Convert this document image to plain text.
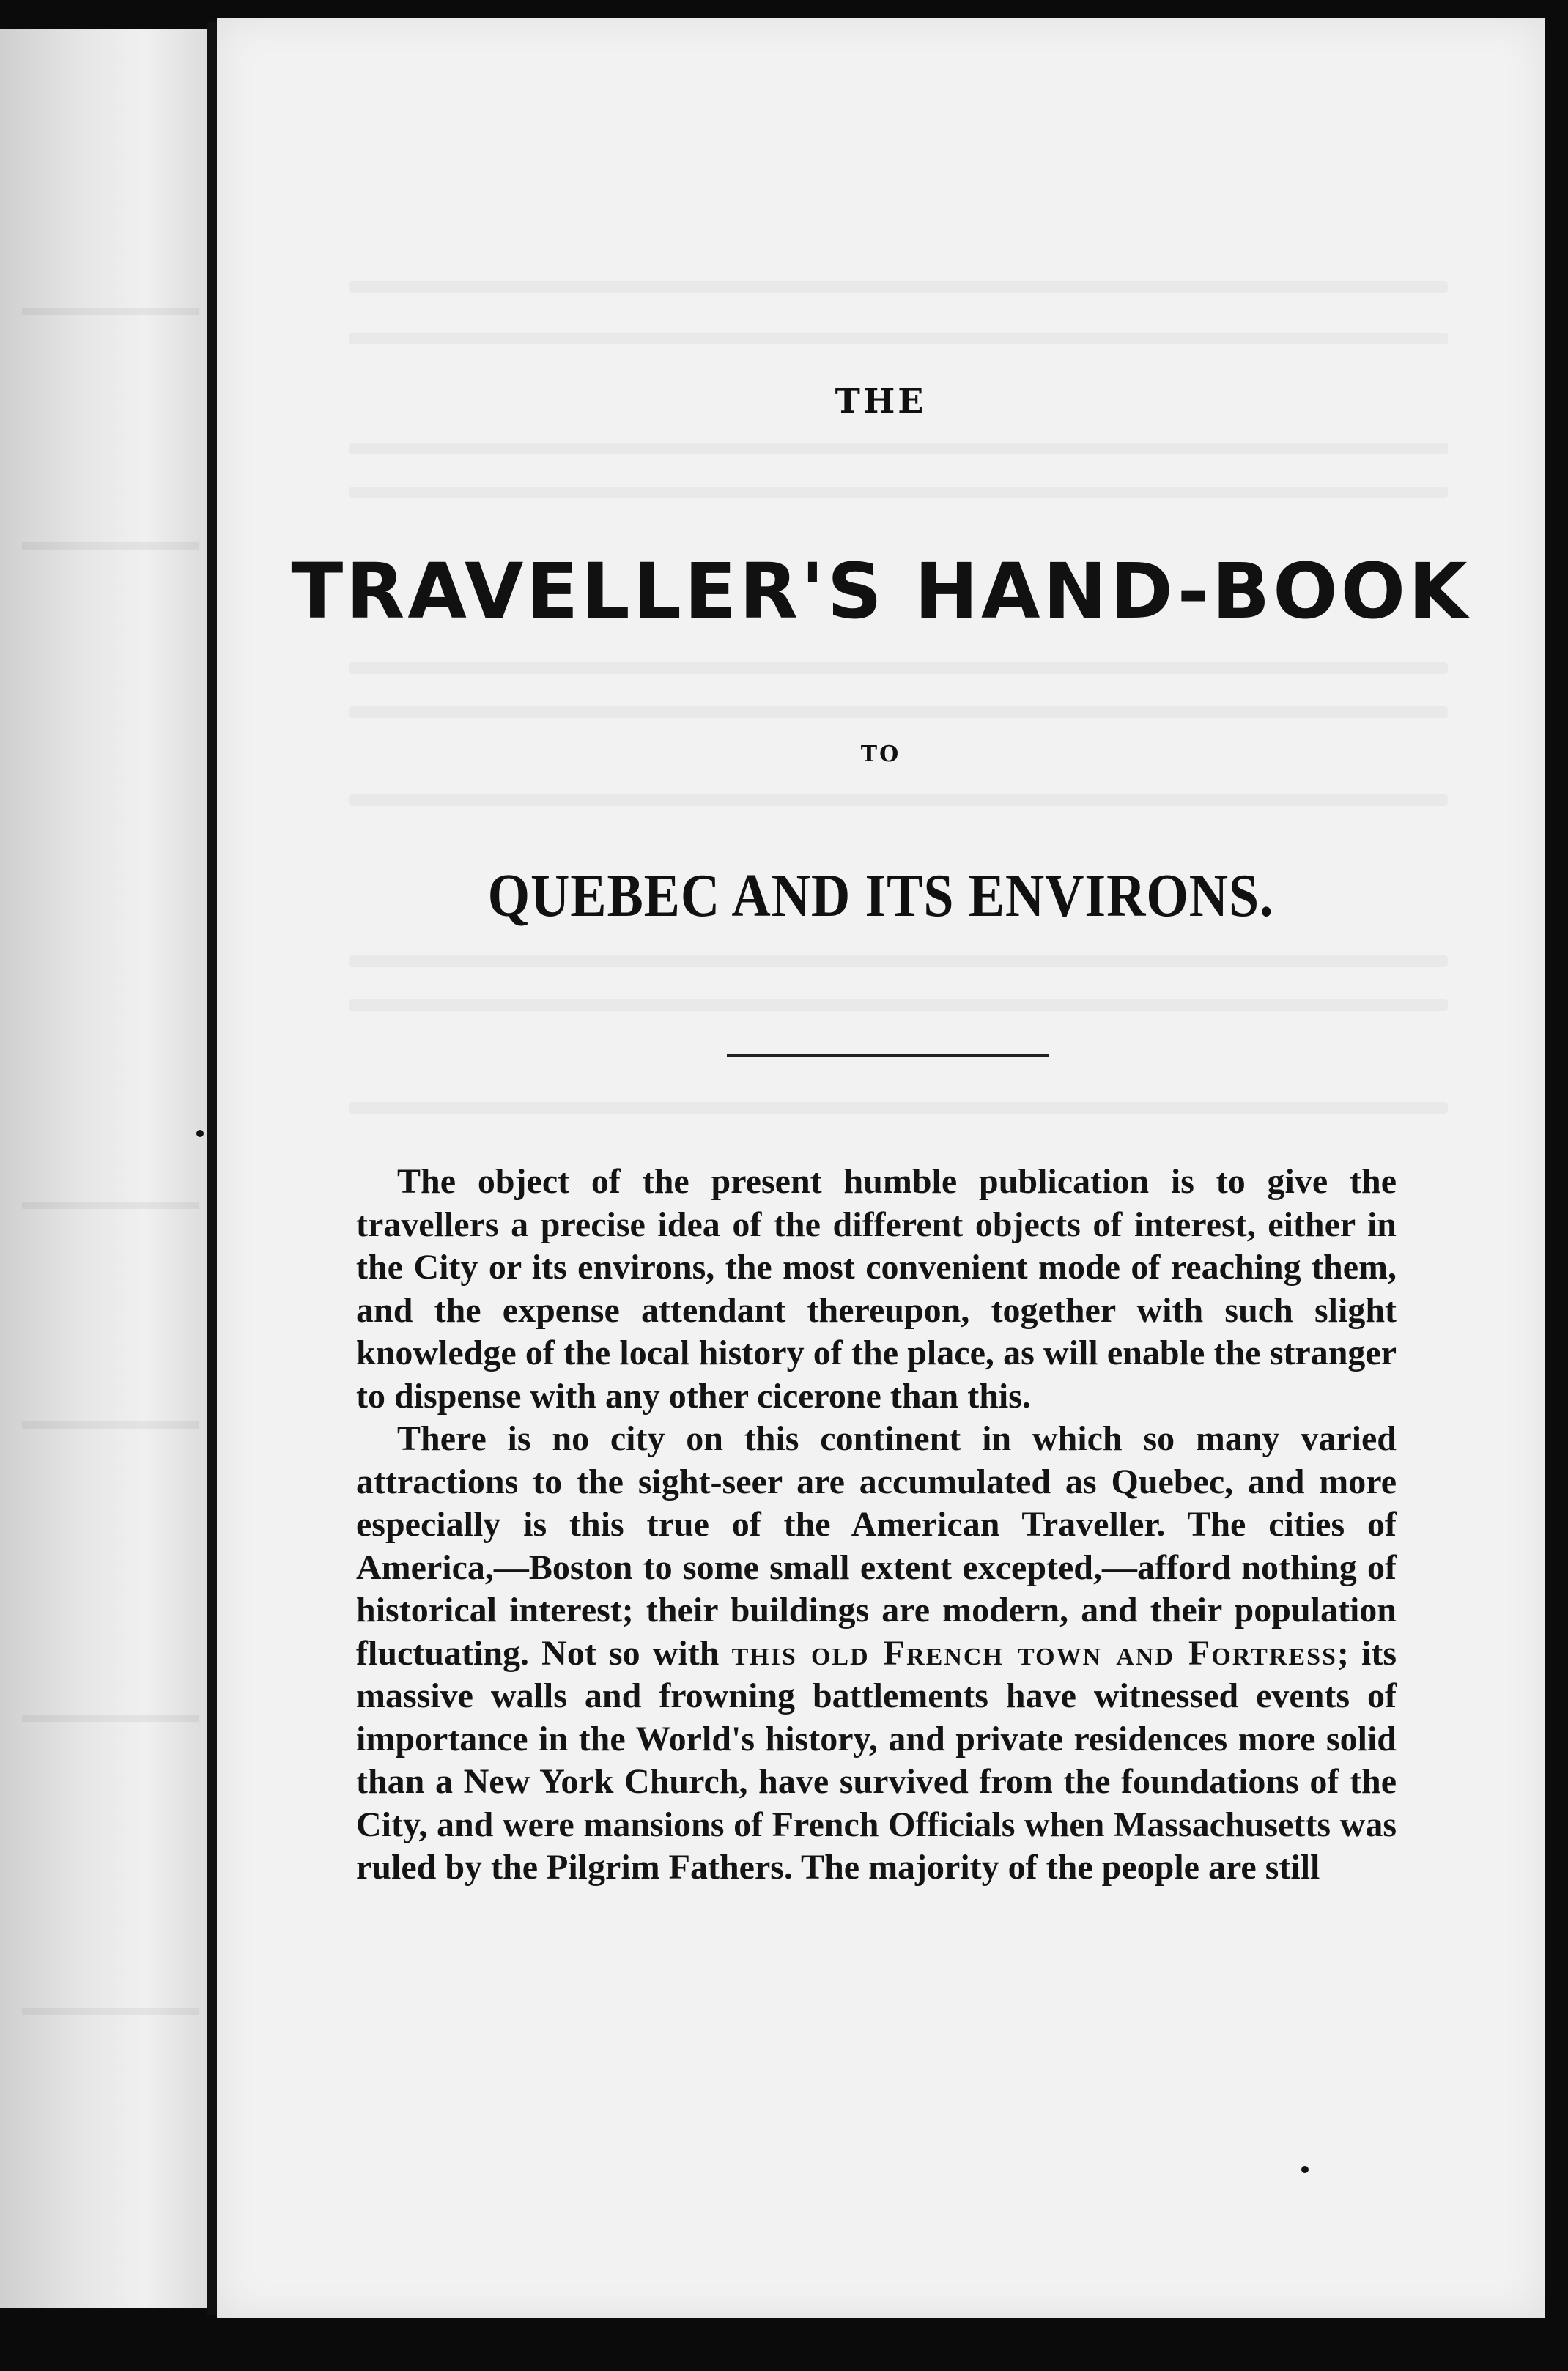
THE
TRAVELLER'S HAND-BOOK
TO
QUEBEC AND ITS ENVIRONS.

The object of the present humble publication is to give the travellers a precise idea of the different objects of interest, either in the City or its environs, the most convenient mode of reaching them, and the expense attendant thereupon, together with such slight knowledge of the local history of the place, as will enable the stranger to dispense with any other cicerone than this.

There is no city on this continent in which so many varied attractions to the sight-seer are accumulated as Quebec, and more especially is this true of the American Traveller. The cities of America,—Boston to some small extent excepted,—afford nothing of historical interest; their buildings are modern, and their population fluctuating. Not so with this old French town and Fortress; its massive walls and frowning battlements have witnessed events of importance in the World's history, and private residences more solid than a New York Church, have survived from the foundations of the City, and were mansions of French Officials when Massachusetts was ruled by the Pilgrim Fathers. The majority of the people are still
